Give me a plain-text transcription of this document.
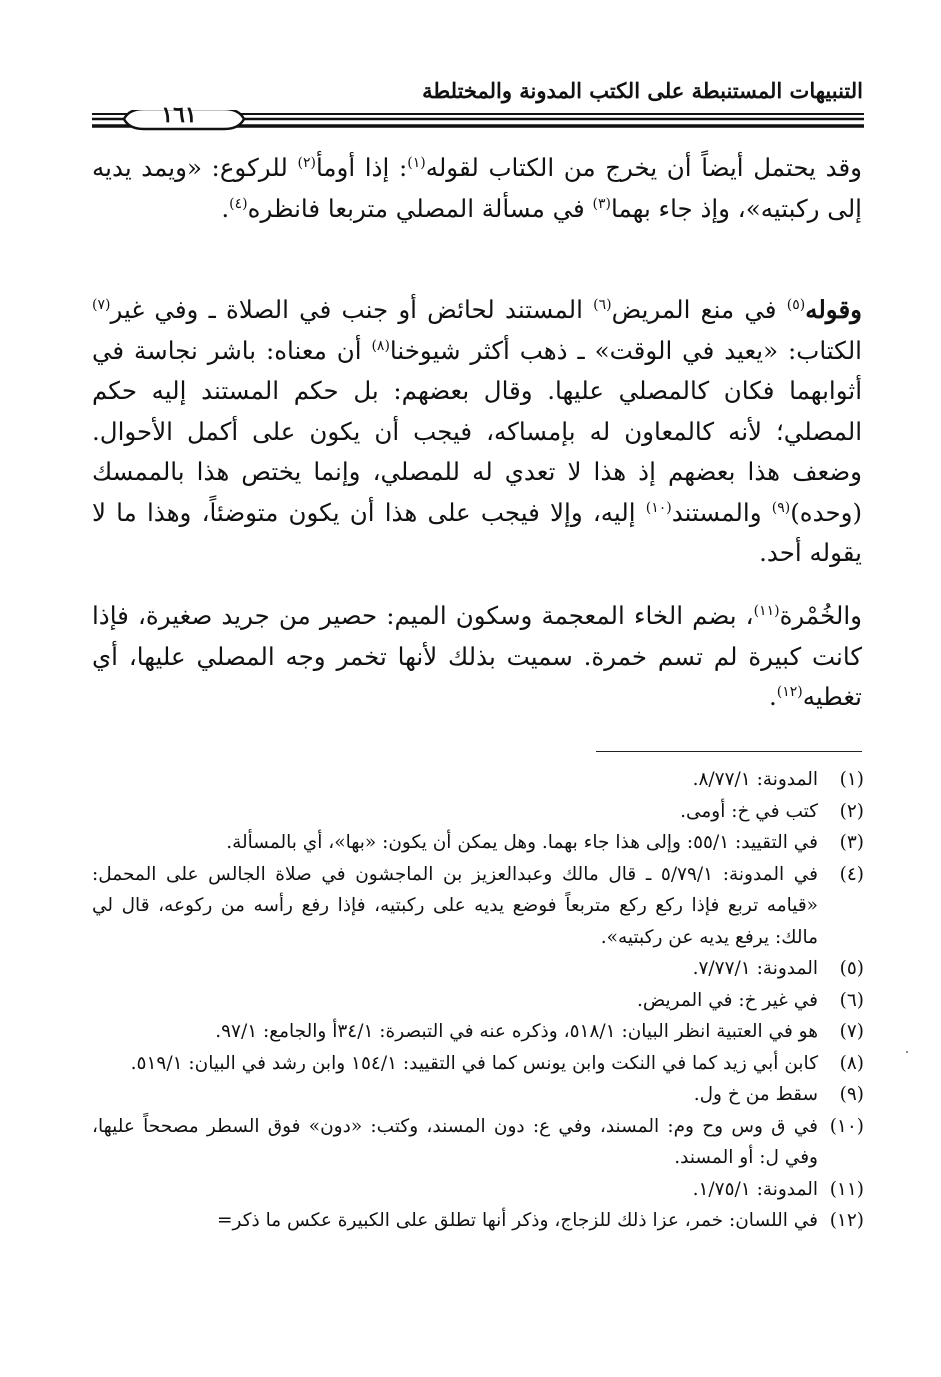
التنبيهات المستنبطة على الكتب المدونة والمختلطة
١٦١

وقد يحتمل أيضاً أن يخرج من الكتاب لقوله$^{(١)}$: إذا أومأ$^{(٢)}$ للركوع: «ويمد يديه إلى ركبتيه»، وإذ جاء بهما$^{(٣)}$ في مسألة المصلي متربعا فانظره$^{(٤)}$.

وقوله$^{(٥)}$ في منع المريض$^{(٦)}$ المستند لحائض أو جنب في الصلاة ـ وفي غير$^{(٧)}$ الكتاب: «يعيد في الوقت» ـ ذهب أكثر شيوخنا$^{(٨)}$ أن معناه: باشر نجاسة في أثوابهما فكان كالمصلي عليها. وقال بعضهم: بل حكم المستند إليه حكم المصلي؛ لأنه كالمعاون له بإمساكه، فيجب أن يكون على أكمل الأحوال. وضعف هذا بعضهم إذ هذا لا تعدي له للمصلي، وإنما يختص هذا بالممسك (وحده)$^{(٩)}$ والمستند$^{(١٠)}$ إليه، وإلا فيجب على هذا أن يكون متوضئاً، وهذا ما لا يقوله أحد.

والخُمْرة$^{(١١)}$، بضم الخاء المعجمة وسكون الميم: حصير من جريد صغيرة، فإذا كانت كبيرة لم تسم خمرة. سميت بذلك لأنها تخمر وجه المصلي عليها، أي تغطيه$^{(١٢)}$.

(١)
المدونة: ٨/٧٧/١.
(٢)
كتب في خ: أومى.
(٣)
في التقييد: ٥٥/١: وإلى هذا جاء بهما. وهل يمكن أن يكون: «بها»، أي بالمسألة.
(٤)
في المدونة: ٥/٧٩/١ ـ قال مالك وعبدالعزيز بن الماجشون في صلاة الجالس على المحمل: «قيامه تربع فإذا ركع ركع متربعاً فوضع يديه على ركبتيه، فإذا رفع رأسه من ركوعه، قال لي مالك: يرفع يديه عن ركبتيه».
(٥)
المدونة: ٧/٧٧/١.
(٦)
في غير خ: في المريض.
(٧)
هو في العتبية انظر البيان: ٥١٨/١، وذكره عنه في التبصرة: ٣٤/١أ والجامع: ٩٧/١.
(٨)
كابن أبي زيد كما في النكت وابن يونس كما في التقييد: ١٥٤/١ وابن رشد في البيان: ٥١٩/١.
(٩)
سقط من خ ول.
(١٠)
في ق وس وح وم: المسند، وفي ع: دون المسند، وكتب: «دون» فوق السطر مصححاً عليها، وفي ل: أو المسند.
(١١)
المدونة: ١/٧٥/١.
(١٢)
في اللسان: خمر، عزا ذلك للزجاج، وذكر أنها تطلق على الكبيرة عكس ما ذكر=
